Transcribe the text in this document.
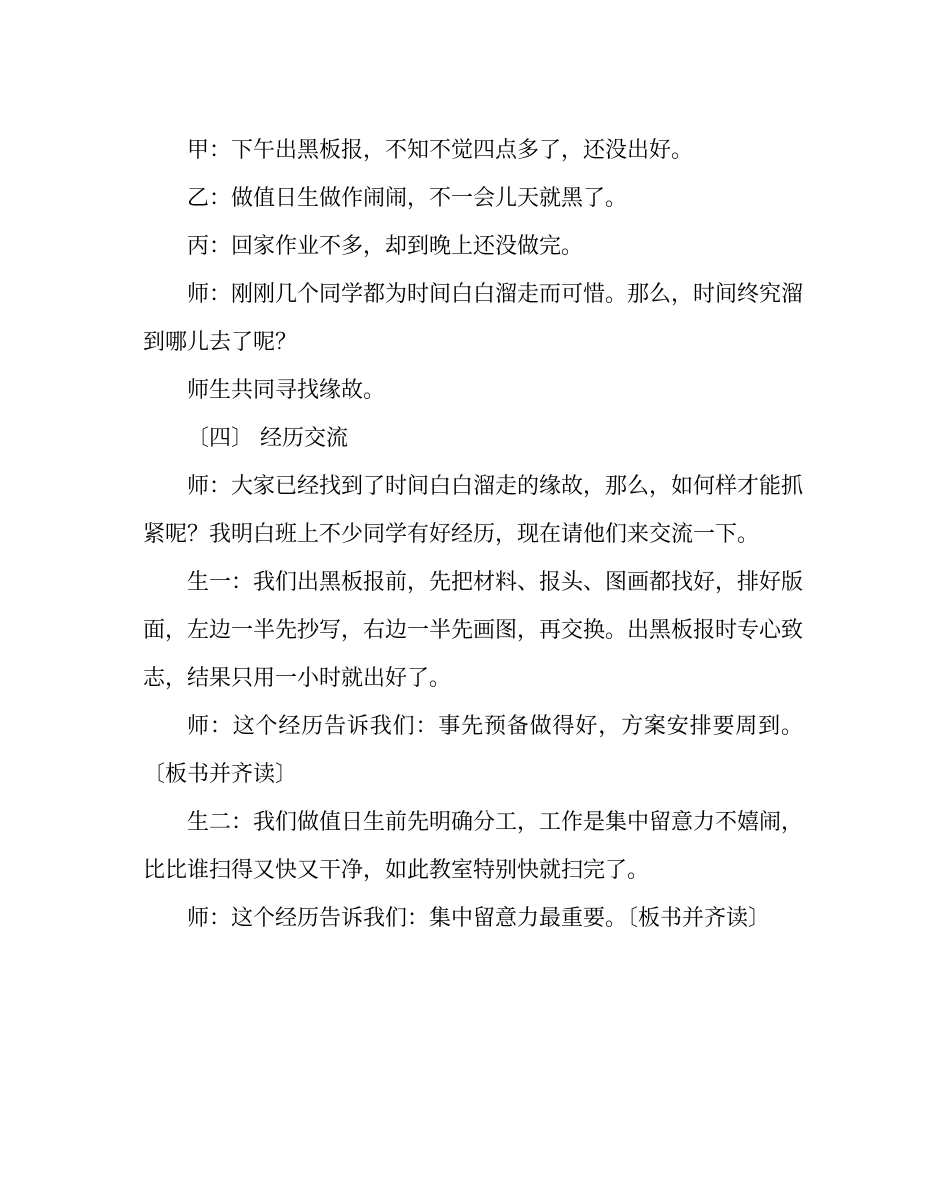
甲：下午出黑板报，不知不觉四点多了，还没出好。

乙：做值日生做作闹闹，不一会儿天就黑了。

丙：回家作业不多，却到晚上还没做完。

师：刚刚几个同学都为时间白白溜走而可惜。那么，时间终究溜到哪儿去了呢？

师生共同寻找缘故。

〔四〕 经历交流

师：大家已经找到了时间白白溜走的缘故，那么，如何样才能抓紧呢？我明白班上不少同学有好经历，现在请他们来交流一下。

生一：我们出黑板报前，先把材料、报头、图画都找好，排好版面，左边一半先抄写，右边一半先画图，再交换。出黑板报时专心致志，结果只用一小时就出好了。

师：这个经历告诉我们：事先预备做得好，方案安排要周到。〔板书并齐读〕

生二：我们做值日生前先明确分工，工作是集中留意力不嬉闹，比比谁扫得又快又干净，如此教室特别快就扫完了。

师：这个经历告诉我们：集中留意力最重要。〔板书并齐读〕
